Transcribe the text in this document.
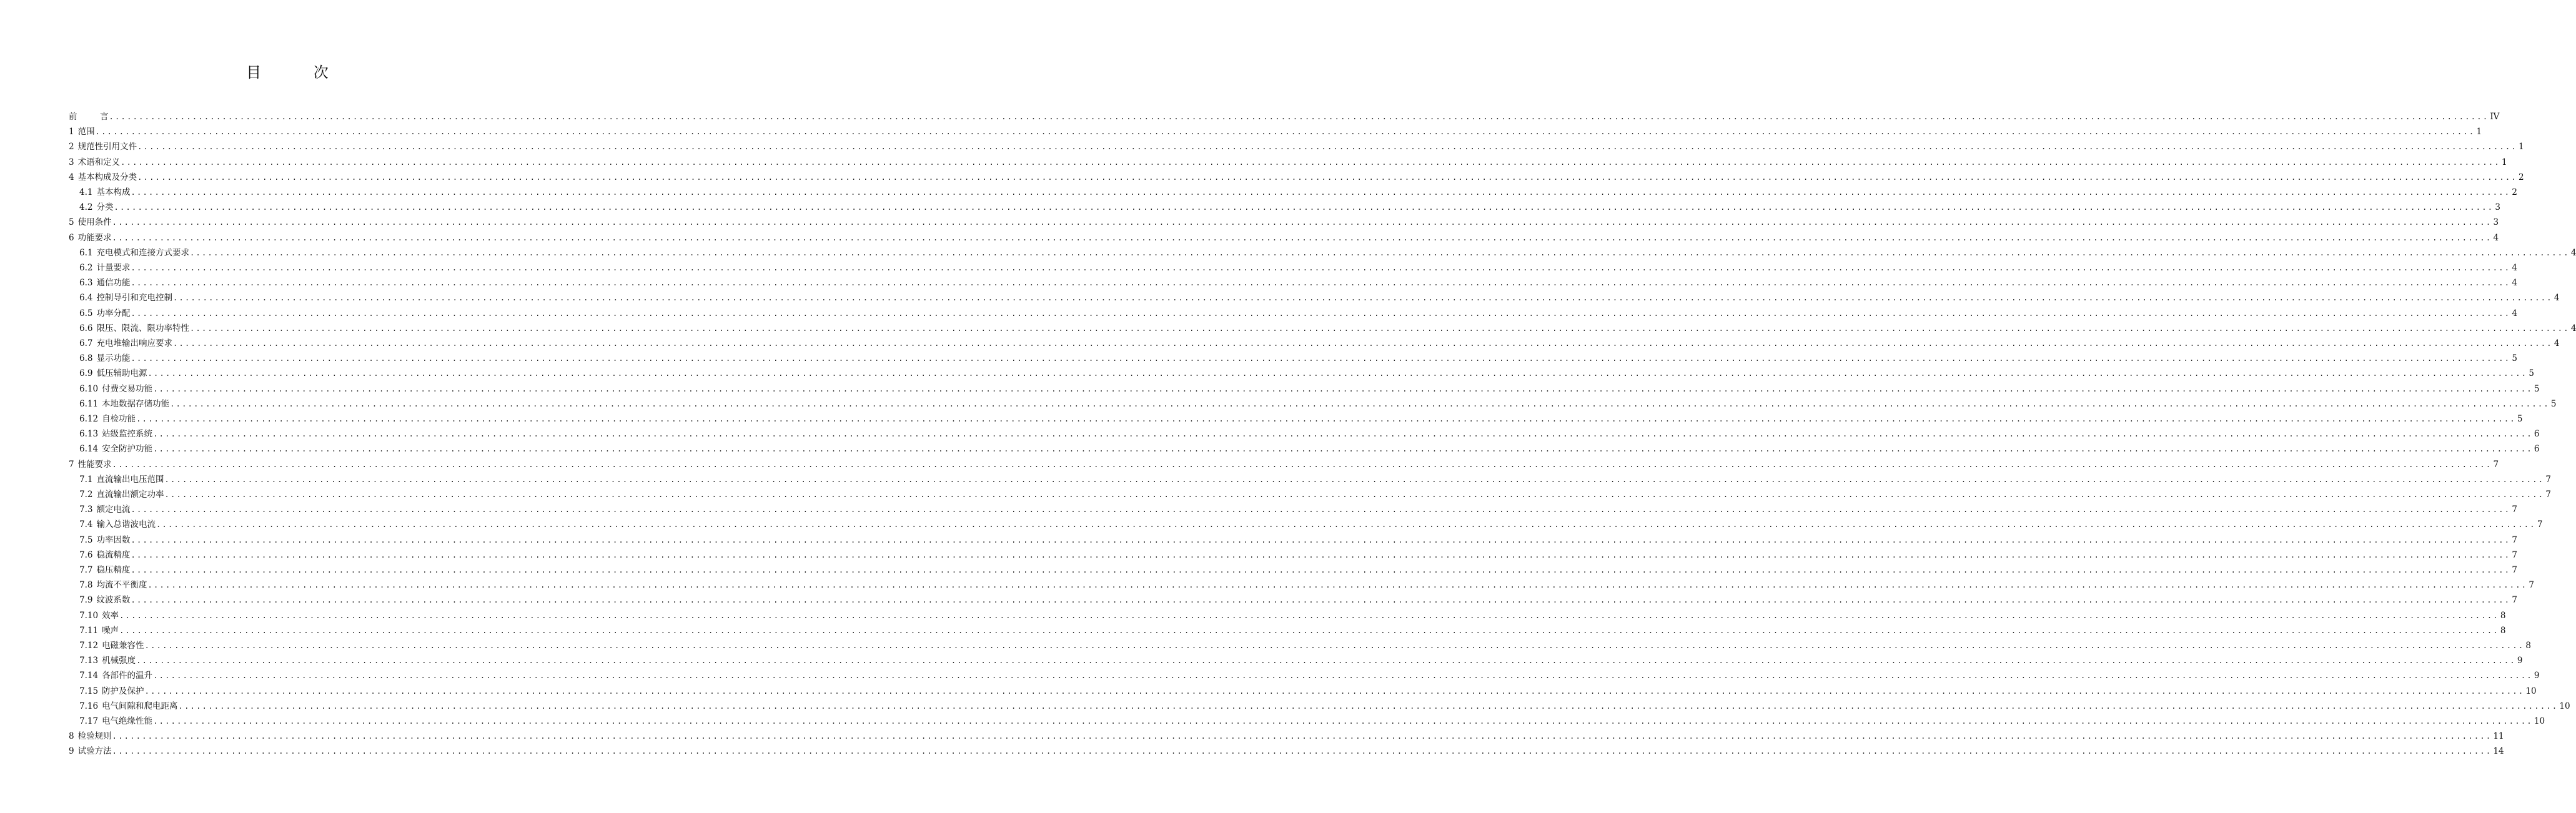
目 次
前	言 ................................................................................................................................................................................................................................................................................................................................................................................................................ IV
1 范围 ................................................................................................................................................................................................................................................................................................................................................................................................................ 1
2 规范性引用文件 ................................................................................................................................................................................................................................................................................................................................................................................................................ 1
3 术语和定义 ................................................................................................................................................................................................................................................................................................................................................................................................................ 1
4 基本构成及分类 ................................................................................................................................................................................................................................................................................................................................................................................................................ 2
4.1 基本构成 ................................................................................................................................................................................................................................................................................................................................................................................................................ 2
4.2 分类 ................................................................................................................................................................................................................................................................................................................................................................................................................ 3
5 使用条件 ................................................................................................................................................................................................................................................................................................................................................................................................................ 3
6 功能要求 ................................................................................................................................................................................................................................................................................................................................................................................................................ 4
6.1 充电模式和连接方式要求 ................................................................................................................................................................................................................................................................................................................................................................................................................ 4
6.2 计量要求 ................................................................................................................................................................................................................................................................................................................................................................................................................ 4
6.3 通信功能 ................................................................................................................................................................................................................................................................................................................................................................................................................ 4
6.4 控制导引和充电控制 ................................................................................................................................................................................................................................................................................................................................................................................................................ 4
6.5 功率分配 ................................................................................................................................................................................................................................................................................................................................................................................................................ 4
6.6 限压、限流、限功率特性 ................................................................................................................................................................................................................................................................................................................................................................................................................ 4
6.7 充电堆输出响应要求 ................................................................................................................................................................................................................................................................................................................................................................................................................ 4
6.8 显示功能 ................................................................................................................................................................................................................................................................................................................................................................................................................ 5
6.9 低压辅助电源 ................................................................................................................................................................................................................................................................................................................................................................................................................ 5
6.10 付费交易功能 ................................................................................................................................................................................................................................................................................................................................................................................................................ 5
6.11 本地数据存储功能 ................................................................................................................................................................................................................................................................................................................................................................................................................ 5
6.12 自检功能 ................................................................................................................................................................................................................................................................................................................................................................................................................ 5
6.13 站级监控系统 ................................................................................................................................................................................................................................................................................................................................................................................................................ 6
6.14 安全防护功能 ................................................................................................................................................................................................................................................................................................................................................................................................................ 6
7 性能要求 ................................................................................................................................................................................................................................................................................................................................................................................................................ 7
7.1 直流输出电压范围 ................................................................................................................................................................................................................................................................................................................................................................................................................ 7
7.2 直流输出额定功率 ................................................................................................................................................................................................................................................................................................................................................................................................................ 7
7.3 额定电流 ................................................................................................................................................................................................................................................................................................................................................................................................................ 7
7.4 输入总谐波电流 ................................................................................................................................................................................................................................................................................................................................................................................................................ 7
7.5 功率因数 ................................................................................................................................................................................................................................................................................................................................................................................................................ 7
7.6 稳流精度 ................................................................................................................................................................................................................................................................................................................................................................................................................ 7
7.7 稳压精度 ................................................................................................................................................................................................................................................................................................................................................................................................................ 7
7.8 均流不平衡度 ................................................................................................................................................................................................................................................................................................................................................................................................................ 7
7.9 纹波系数 ................................................................................................................................................................................................................................................................................................................................................................................................................ 7
7.10 效率 ................................................................................................................................................................................................................................................................................................................................................................................................................ 8
7.11 噪声 ................................................................................................................................................................................................................................................................................................................................................................................................................ 8
7.12 电磁兼容性 ................................................................................................................................................................................................................................................................................................................................................................................................................ 8
7.13 机械强度 ................................................................................................................................................................................................................................................................................................................................................................................................................ 9
7.14 各部件的温升 ................................................................................................................................................................................................................................................................................................................................................................................................................ 9
7.15 防护及保护 ................................................................................................................................................................................................................................................................................................................................................................................................................ 10
7.16 电气间隙和爬电距离 ................................................................................................................................................................................................................................................................................................................................................................................................................ 10
7.17 电气绝缘性能 ................................................................................................................................................................................................................................................................................................................................................................................................................ 10
8 检验规则 ................................................................................................................................................................................................................................................................................................................................................................................................................ 11
9 试验方法 ................................................................................................................................................................................................................................................................................................................................................................................................................ 14
